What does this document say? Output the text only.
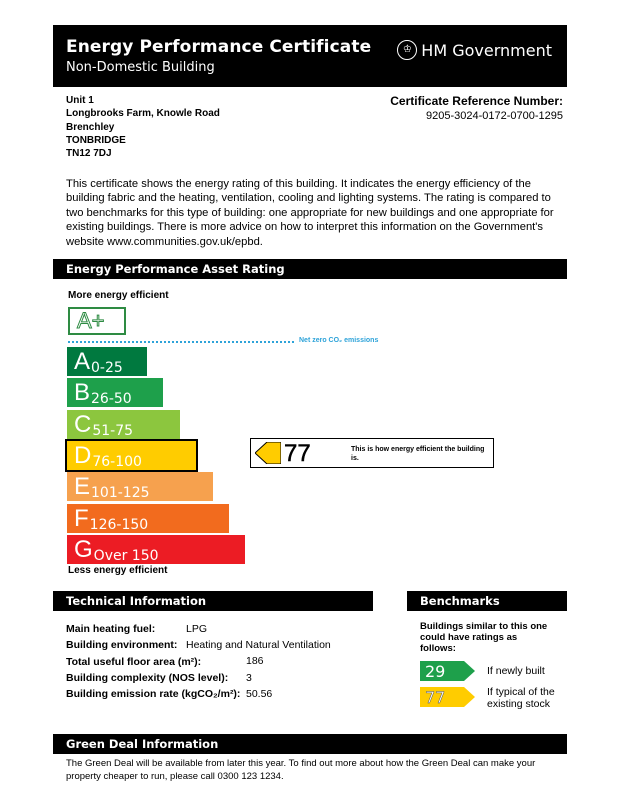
Energy Performance Certificate
Non-Domestic Building
♔ HM Government
Unit 1
Longbrooks Farm, Knowle Road
Brenchley
TONBRIDGE
TN12 7DJ
Certificate Reference Number:
9205-3024-0172-0700-1295
This certificate shows the energy rating of this building. It indicates the energy efficiency of the building fabric and the heating, ventilation, cooling and lighting systems. The rating is compared to two benchmarks for this type of building: one appropriate for new buildings and one appropriate for existing buildings. There is more advice on how to interpret this information on the Government's website www.communities.gov.uk/epbd.
Energy Performance Asset Rating
More energy efficient
A+
Net zero CO₂ emissions
A0-25
B26-50
C51-75
D76-100
E101-125
F126-150
GOver 150
Less energy efficient
77	This is how energy efficient the building is.
Technical Information
Main heating fuel:	LPG
Building environment: Heating and Natural Ventilation
Total useful floor area (m²):	186
Building complexity (NOS level): 3
Building emission rate (kgCO₂/m²): 50.56
Benchmarks
Buildings similar to this one could have ratings as follows:
29	If newly built
77	If typical of the existing stock
Green Deal Information
The Green Deal will be available from later this year. To find out more about how the Green Deal can make your property cheaper to run, please call 0300 123 1234.
